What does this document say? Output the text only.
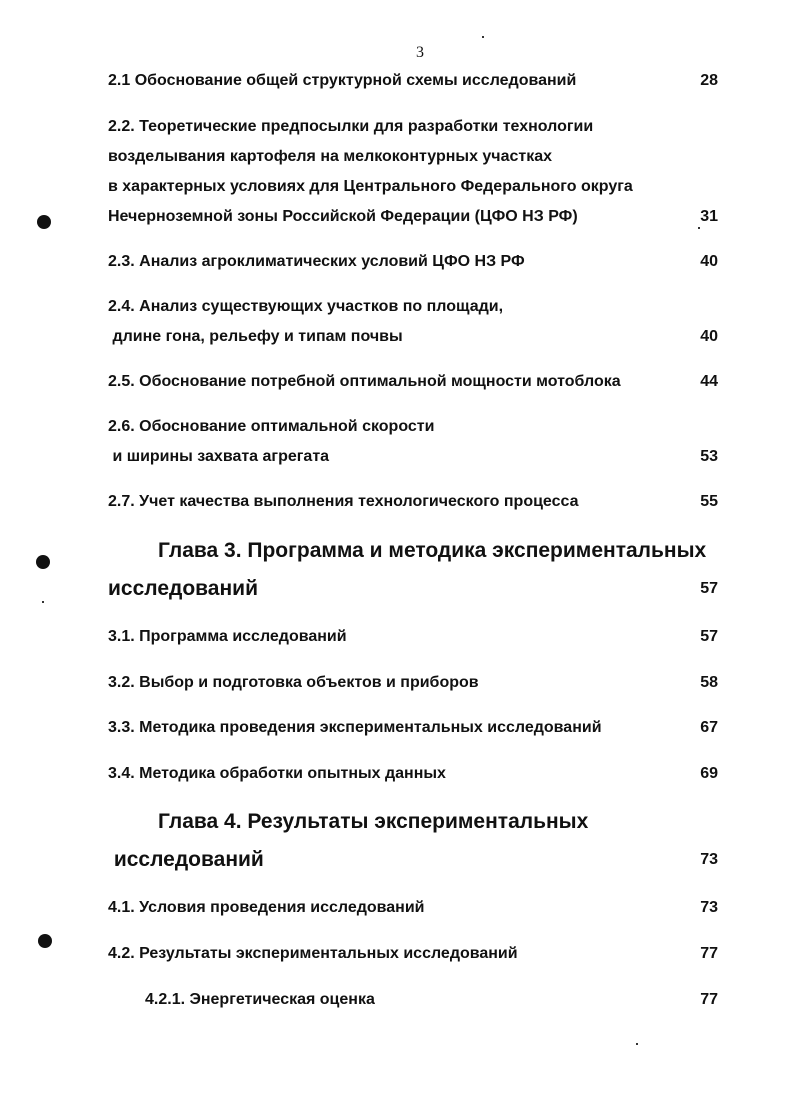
3
2.1 Обоснование общей структурной схемы исследований	28
2.2. Теоретические предпосылки для разработки технологии
возделывания картофеля на мелкоконтурных участках
в характерных условиях для Центрального Федерального округа
Нечерноземной зоны Российской Федерации (ЦФО НЗ РФ)	31
2.3. Анализ агроклиматических условий ЦФО НЗ РФ	40
2.4. Анализ существующих участков по площади,
длине гона, рельефу и типам почвы	40
2.5. Обоснование потребной оптимальной мощности мотоблока	44
2.6. Обоснование оптимальной скорости
и ширины захвата агрегата	53
2.7. Учет качества выполнения технологического процесса	55
Глава 3. Программа и методика экспериментальных
исследований	57
3.1. Программа исследований	57
3.2. Выбор и подготовка объектов и приборов	58
3.3. Методика проведения экспериментальных исследований	67
3.4. Методика обработки опытных данных	69
Глава 4. Результаты экспериментальных
исследований	73
4.1. Условия проведения исследований	73
4.2. Результаты экспериментальных исследований	77
4.2.1. Энергетическая оценка	77
